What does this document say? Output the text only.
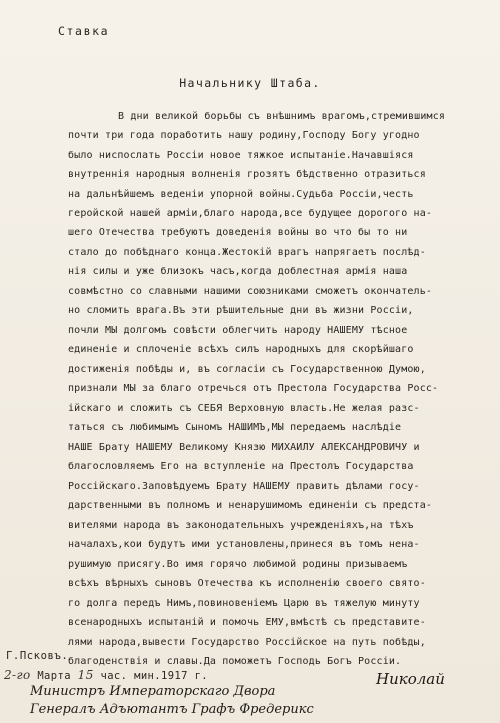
Ставка
Начальнику Штаба.
В дни великой борьбы съ внѣшнимъ врагомъ,стремившимся
почти три года поработить нашу родину,Господу Богу угодно
было ниспослать Россіи новое тяжкое испытаніе.Начавшіяся
внутреннія народныя волненія грозятъ бѣдственно отразиться
на дальнѣйшемъ веденіи упорной войны.Судьба Россіи,честь
геройской нашей арміи,благо народа,все будущее дорогого на-
шего Отечества требуютъ доведенія войны во что бы то ни
стало до побѣднаго конца.Жестокій врагъ напрягаетъ послѣд-
нія силы и уже близокъ часъ,когда доблестная армія наша
совмѣстно со славными нашими союзниками сможетъ окончатель-
но сломить врага.Въ эти рѣшительные дни въ жизни Россіи,
почли МЫ долгомъ совѣсти облегчить народу НАШЕМУ тѣсное
единеніе и сплоченіе всѣхъ силъ народныхъ для скорѣйшаго
достиженія побѣды и, въ согласіи съ Государственною Думою,
признали МЫ за благо отречься отъ Престола Государства Росс-
ійскаго и сложить съ СЕБЯ Верховную власть.Не желая разс-
таться съ любимымъ Сыномъ НАШИМЪ,МЫ передаемъ наслѣдіе
НАШЕ Брату НАШЕМУ Великому Князю МИХАИЛУ АЛЕКСАНДРОВИЧУ и
благословляемъ Его на вступленіе на Престолъ Государства
Россійскаго.Заповѣдуемъ Брату НАШЕМУ править дѣлами госу-
дарственными въ полномъ и ненарушимомъ единеніи съ предста-
вителями народа въ законодательныхъ учрежденіяхъ,на тѣхъ
началахъ,кои будутъ ими установлены,принеся въ томъ нена-
рушимую присягу.Во имя горячо любимой родины призываемъ
всѣхъ вѣрныхъ сыновъ Отечества къ исполненію своего свято-
го долга передъ Нимъ,повиновеніемъ Царю въ тяжелую минуту
всенародныхъ испытаній и помочь ЕМУ,вмѣстѣ съ представите-
лями народа,вывести Государство Россійское на путь побѣды,
благоденствія и славы.Да поможетъ Господь Богъ Россіи.
Г.Псковъ.
2-го Марта 15 час. мин.1917 г.
Министръ Императорскаго Двора
Генералъ Адъютантъ Графъ Фредерикс
Николай
